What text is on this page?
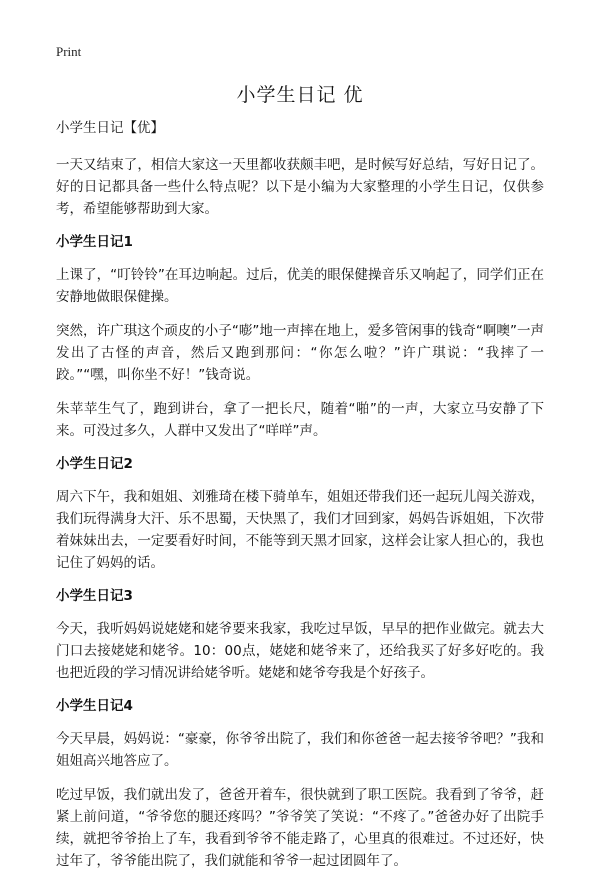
Print
小学生日记 优

小学生日记【优】

一天又结束了，相信大家这一天里都收获颇丰吧，是时候写好总结，写好日记了。好的日记都具备一些什么特点呢？以下是小编为大家整理的小学生日记，仅供参考，希望能够帮助到大家。

小学生日记1

上课了，“叮铃铃”在耳边响起。过后，优美的眼保健操音乐又响起了，同学们正在安静地做眼保健操。

突然，许广琪这个顽皮的小子“嘭”地一声摔在地上，爱多管闲事的钱奇“啊噢”一声发出了古怪的声音，然后又跑到那问：“你怎么啦？”许广琪说：“我摔了一跤。”“嘿，叫你坐不好！”钱奇说。

朱苹苹生气了，跑到讲台，拿了一把长尺，随着“啪”的一声，大家立马安静了下来。可没过多久，人群中又发出了“咩咩”声。

小学生日记2

周六下午，我和姐姐、刘雅琦在楼下骑单车，姐姐还带我们还一起玩儿闯关游戏，我们玩得满身大汗、乐不思蜀，天快黑了，我们才回到家，妈妈告诉姐姐，下次带着妹妹出去，一定要看好时间，不能等到天黑才回家，这样会让家人担心的，我也记住了妈妈的话。

小学生日记3

今天，我听妈妈说姥姥和姥爷要来我家，我吃过早饭，早早的把作业做完。就去大门口去接姥姥和姥爷。10：00点，姥姥和姥爷来了，还给我买了好多好吃的。我也把近段的学习情况讲给姥爷听。姥姥和姥爷夸我是个好孩子。

小学生日记4

今天早晨，妈妈说：“豪豪，你爷爷出院了，我们和你爸爸一起去接爷爷吧？”我和姐姐高兴地答应了。

吃过早饭，我们就出发了，爸爸开着车，很快就到了职工医院。我看到了爷爷，赶紧上前问道，“爷爷您的腿还疼吗？”爷爷笑了笑说：“不疼了。”爸爸办好了出院手续，就把爷爷抬上了车，我看到爷爷不能走路了，心里真的很难过。不过还好，快过年了，爷爷能出院了，我们就能和爷爷一起过团圆年了。
